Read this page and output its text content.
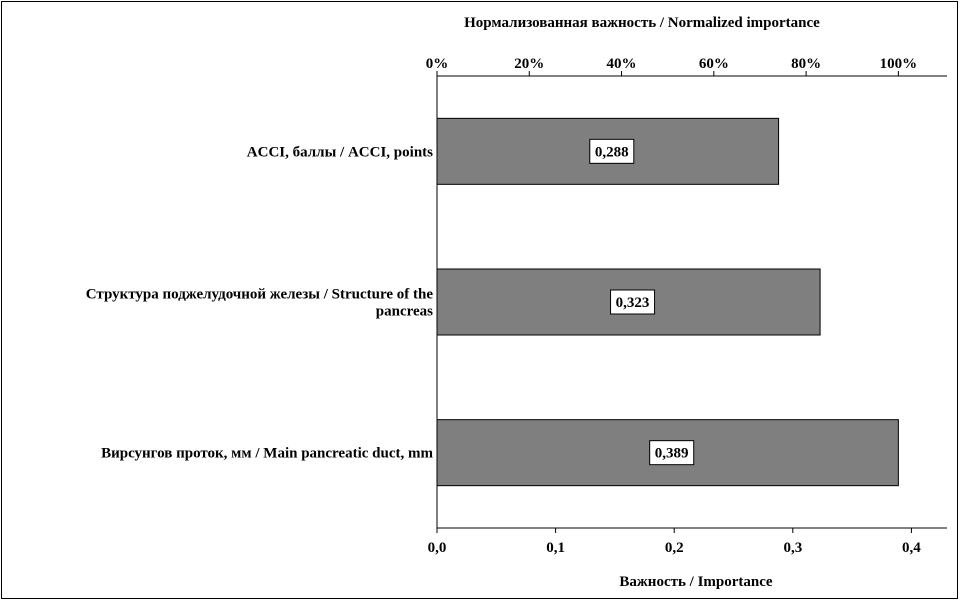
0%	20%	40%	60%	80%	100%
0,0	0,1	0,2	0,3	0,4
0,288
0,323
0,389
ACCI, баллы / ACCI, points
Структура поджелудочной железы / Structure of the
pancreas
Вирсунгов проток, мм / Main pancreatic duct, mm
Нормализованная важность / Normalized importance
Важность / Importance
